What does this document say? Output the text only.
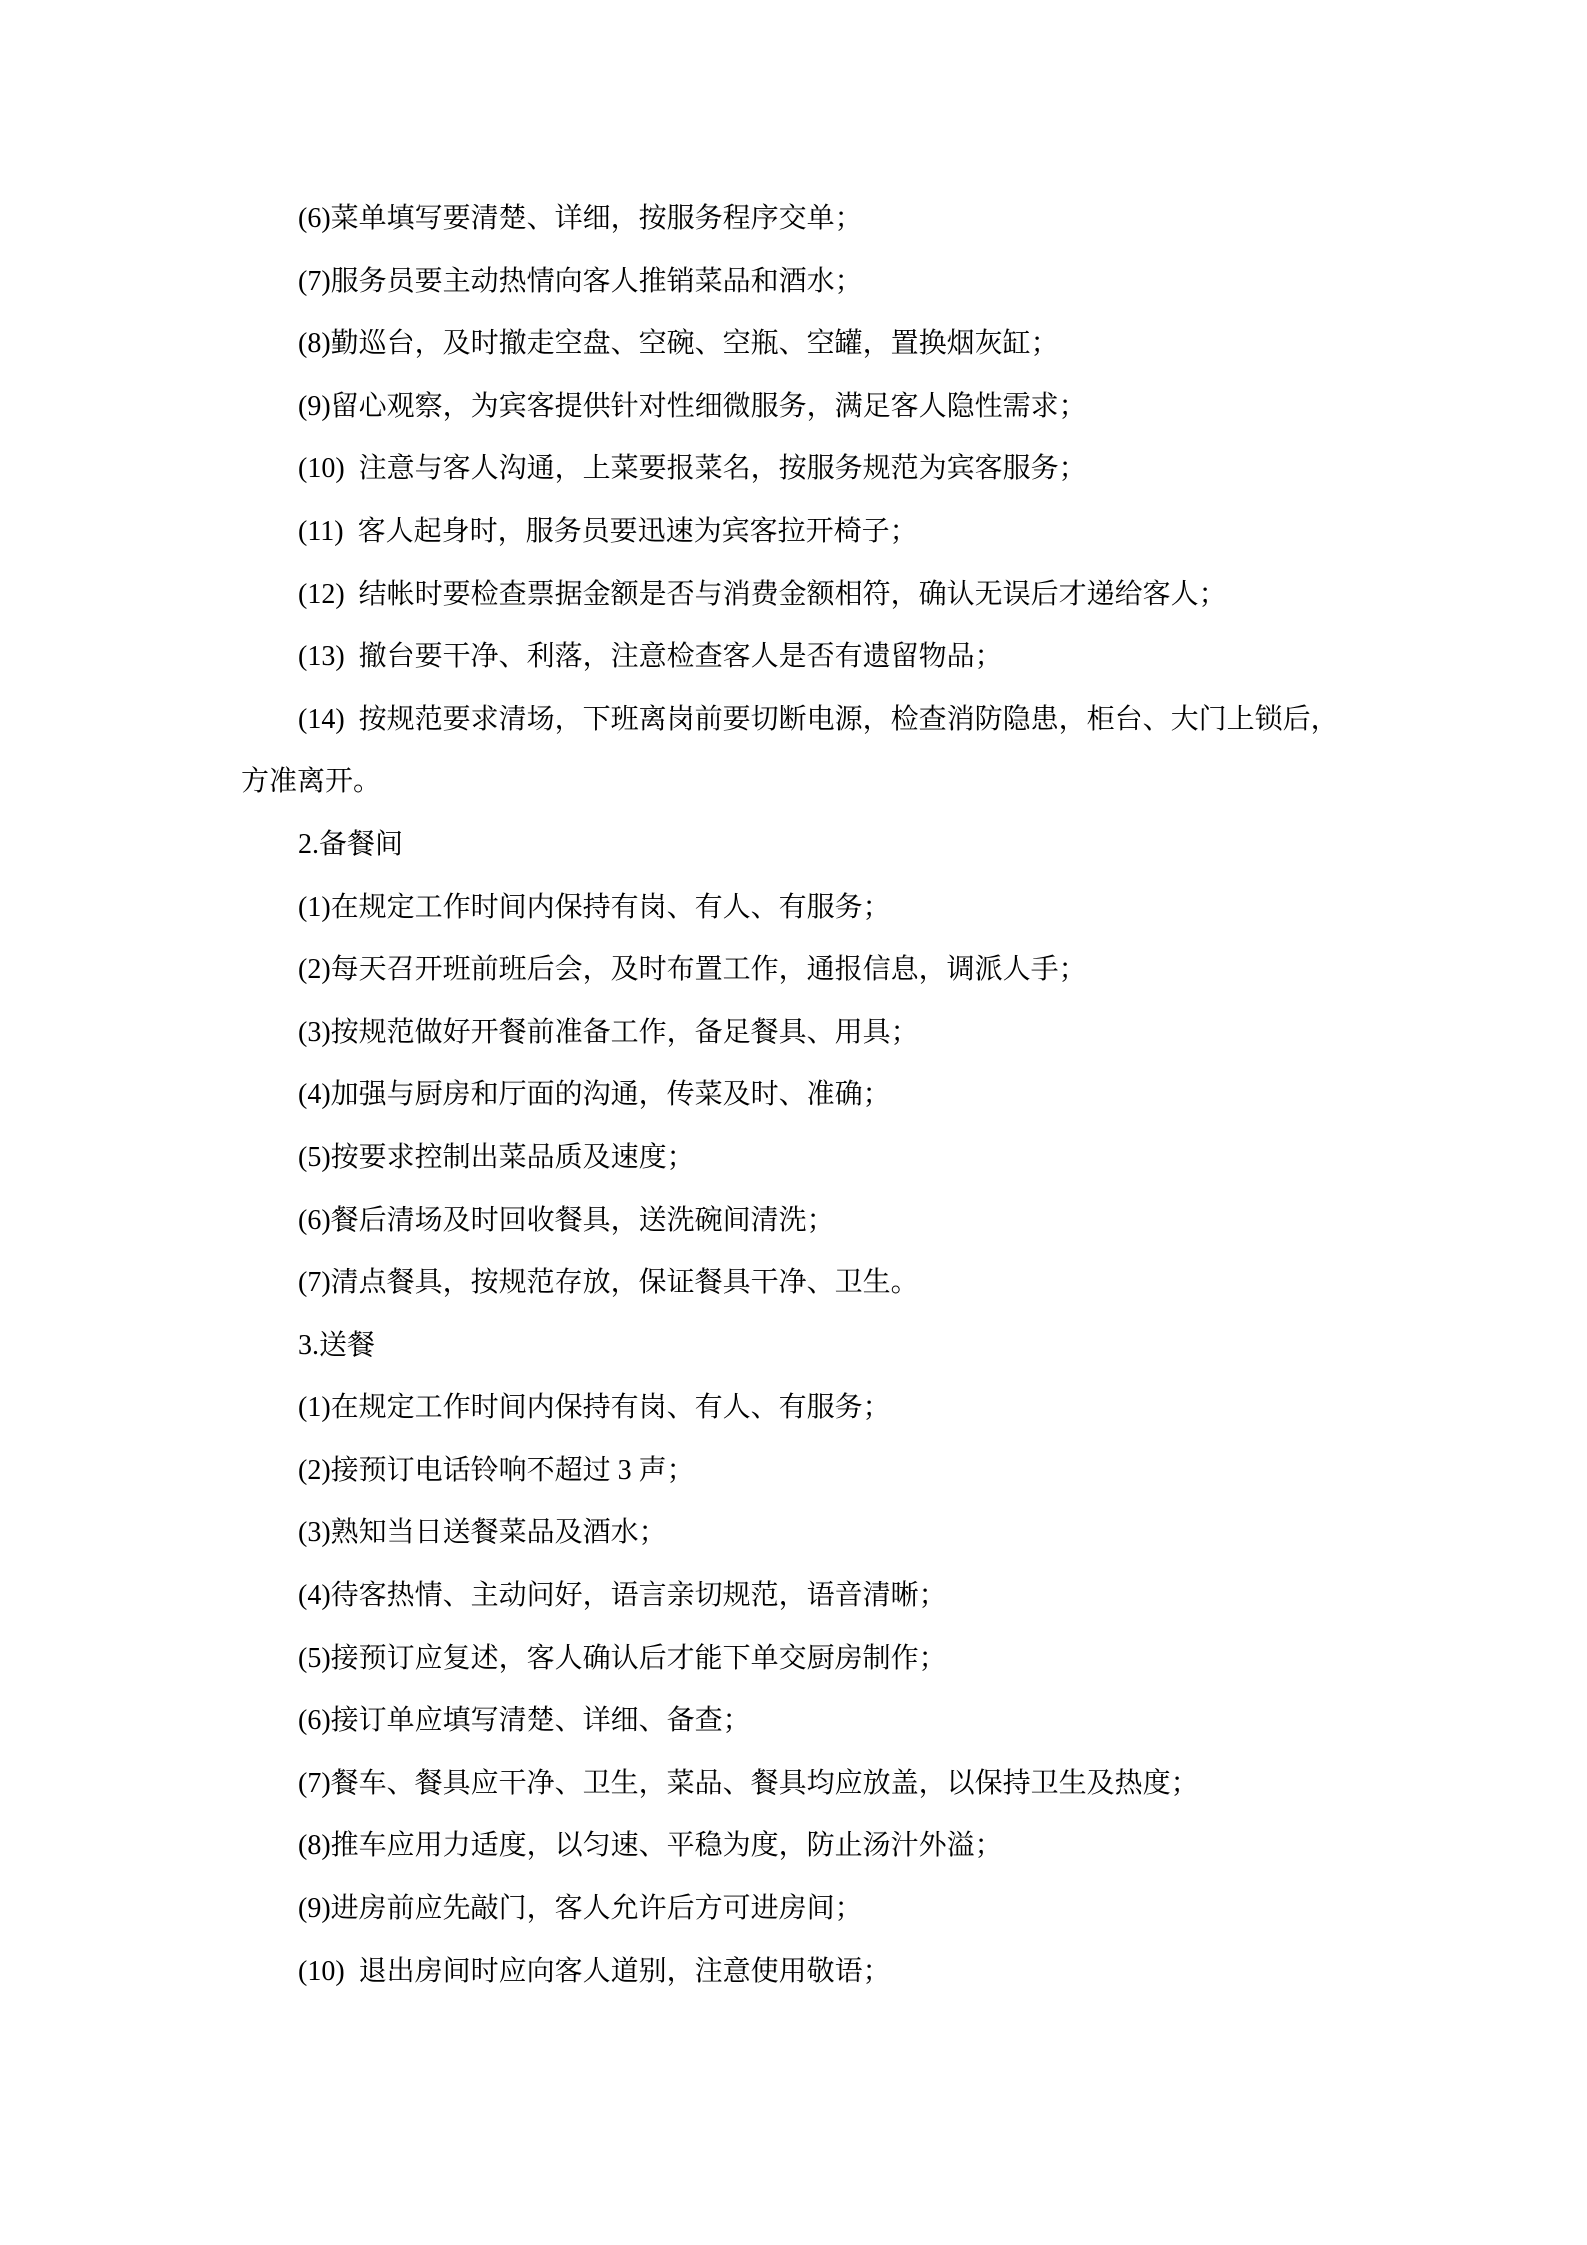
(6)菜单填写要清楚、详细，按服务程序交单；

(7)服务员要主动热情向客人推销菜品和酒水；

(8)勤巡台，及时撤走空盘、空碗、空瓶、空罐，置换烟灰缸；

(9)留心观察，为宾客提供针对性细微服务，满足客人隐性需求；

(10)  注意与客人沟通，上菜要报菜名，按服务规范为宾客服务；

(11)  客人起身时，服务员要迅速为宾客拉开椅子；

(12)  结帐时要检查票据金额是否与消费金额相符，确认无误后才递给客人；

(13)  撤台要干净、利落，注意检查客人是否有遗留物品；

(14)  按规范要求清场，下班离岗前要切断电源，检查消防隐患，柜台、大门上锁后，方准离开。

2.备餐间

(1)在规定工作时间内保持有岗、有人、有服务；

(2)每天召开班前班后会，及时布置工作，通报信息，调派人手；

(3)按规范做好开餐前准备工作，备足餐具、用具；

(4)加强与厨房和厅面的沟通，传菜及时、准确；

(5)按要求控制出菜品质及速度；

(6)餐后清场及时回收餐具，送洗碗间清洗；

(7)清点餐具，按规范存放，保证餐具干净、卫生。

3.送餐

(1)在规定工作时间内保持有岗、有人、有服务；

(2)接预订电话铃响不超过 3 声；

(3)熟知当日送餐菜品及酒水；

(4)待客热情、主动问好，语言亲切规范，语音清晰；

(5)接预订应复述，客人确认后才能下单交厨房制作；

(6)接订单应填写清楚、详细、备查；

(7)餐车、餐具应干净、卫生，菜品、餐具均应放盖，以保持卫生及热度；

(8)推车应用力适度，以匀速、平稳为度，防止汤汁外溢；

(9)进房前应先敲门，客人允许后方可进房间；

(10)  退出房间时应向客人道别，注意使用敬语；
